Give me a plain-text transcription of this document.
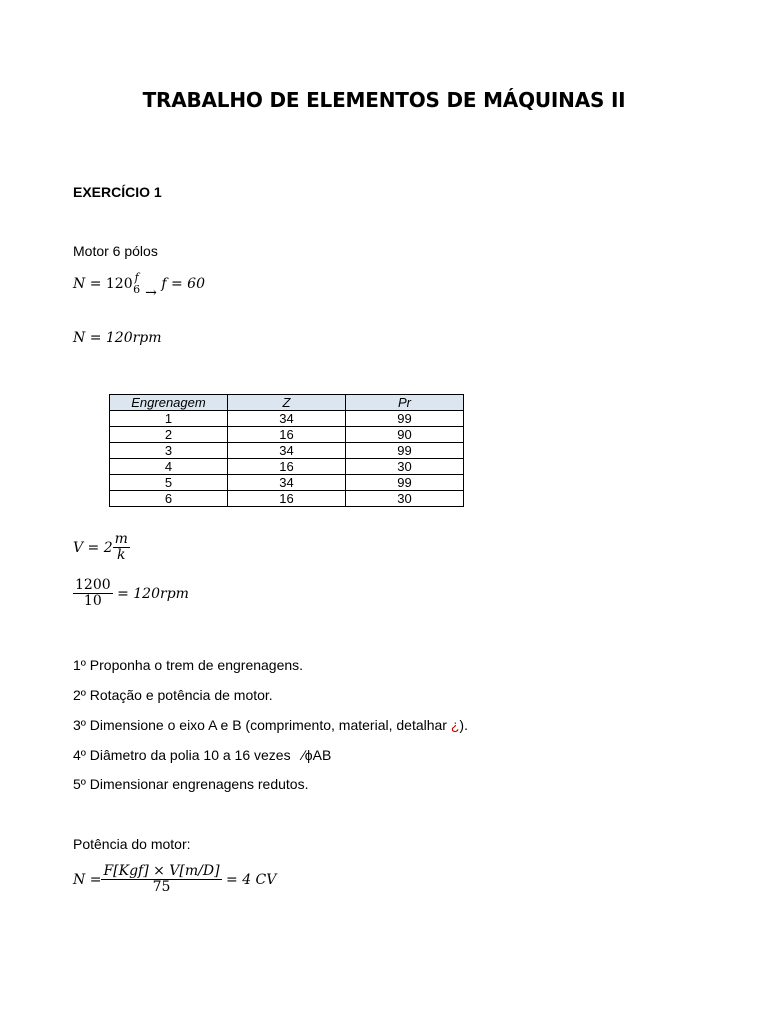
TRABALHO DE ELEMENTOS DE MÁQUINAS II
EXERCÍCIO 1
Motor 6 pólos
N = 120 f
6 → f = 60
N = 120rpm
Engrenagem	Z	Pr
1	34	99
2	16	90
3	34	99
4	16	30
5	34	99
6	16	30
$V = 2 \frac{m}{k}$
$\frac{1200}{10} = 120rpm$
1º Proponha o trem de engrenagens.
2º Rotação e potência de motor.
3º Dimensione o eixo A e B (comprimento, material, detalhar ¿).
4º Diâmetro da polia 10 a 16 vezes ∕ϕAB
5º Dimensionar engrenagens redutos.
Potência do motor:
$N = \frac{\text{F[Kgf] × V[m/D]}}{75} = 4$ CV
